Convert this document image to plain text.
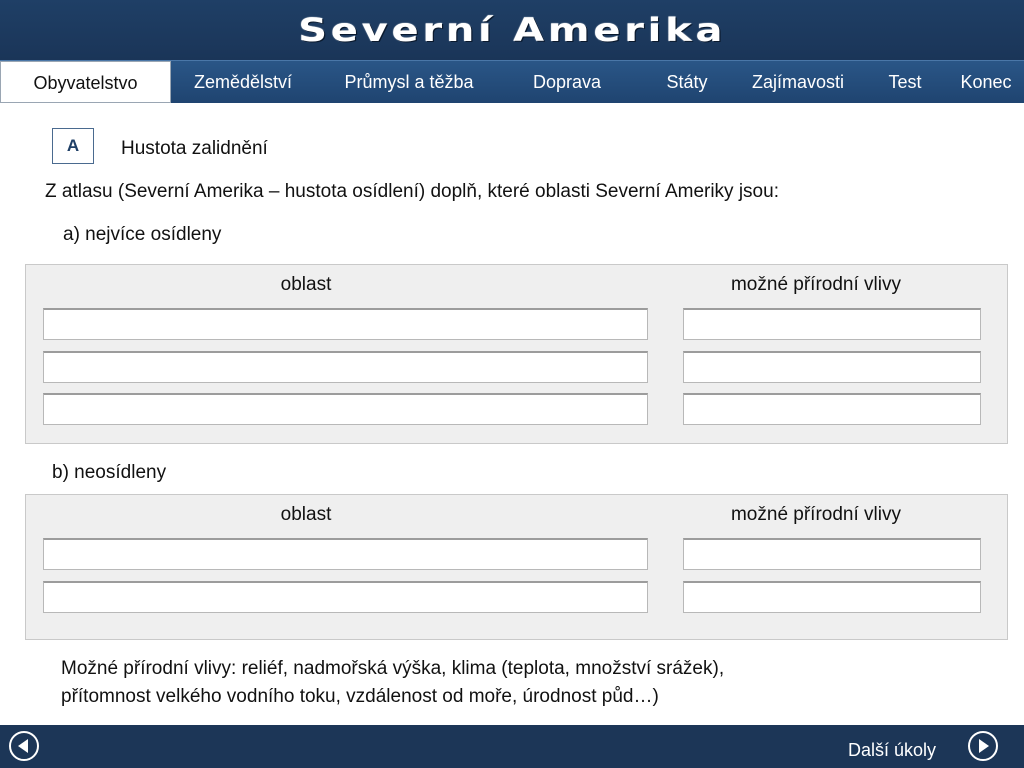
Severní Amerika
Obyvatelstvo	Zemědělství	Průmysl a těžba	Doprava	Státy	Zajímavosti	Test	Konec
A	Hustota zalidnění
Z atlasu (Severní Amerika – hustota osídlení) doplň, které oblasti Severní Ameriky jsou:
a) nejvíce osídleny
oblast	možné přírodní vlivy
b) neosídleny
oblast	možné přírodní vlivy
Možné přírodní vlivy: reliéf, nadmořská výška, klima (teplota, množství srážek),
přítomnost velkého vodního toku, vzdálenost od moře, úrodnost půd…)
Další úkoly
